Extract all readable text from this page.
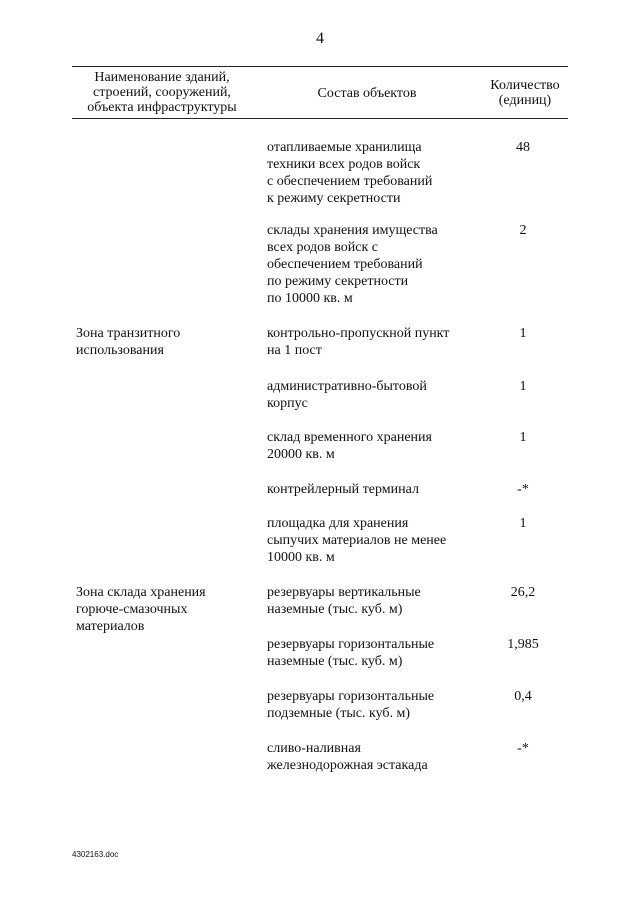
4
Наименование зданий,
строений, сооружений,
объекта инфраструктуры
Состав объектов
Количество
(единиц)
отапливаемые хранилища
техники всех родов войск
с обеспечением требований
к режиму секретности
48
склады хранения имущества
всех родов войск с
обеспечением требований
по режиму секретности
по 10000 кв. м
2
Зона транзитного
использования
контрольно-пропускной пункт
на 1 пост
1
административно-бытовой
корпус
1
склад временного хранения
20000 кв. м
1
контрейлерный терминал	-*
площадка для хранения
сыпучих материалов не менее
10000 кв. м
1
Зона склада хранения
горюче-смазочных
материалов
резервуары вертикальные
наземные (тыс. куб. м)
26,2
резервуары горизонтальные
наземные (тыс. куб. м)
1,985
резервуары горизонтальные
подземные (тыс. куб. м)
0,4
сливо-наливная
железнодорожная эстакада
-*
4302163.doc
